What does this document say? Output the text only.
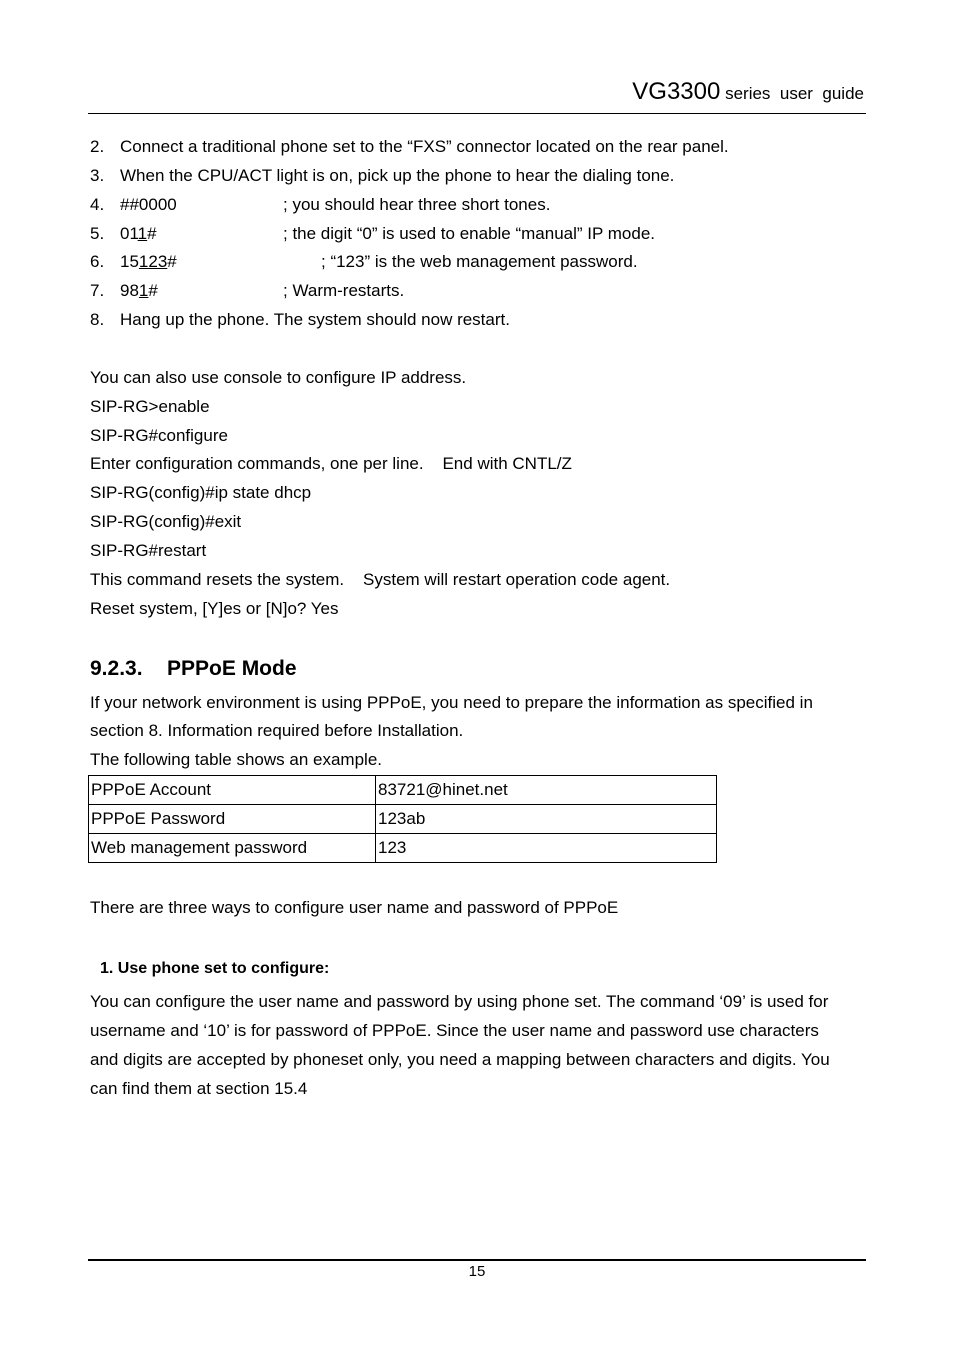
VG3300 series  user  guide
2. Connect a traditional phone set to the “FXS” connector located on the rear panel.
3. When the CPU/ACT light is on, pick up the phone to hear the dialing tone.
4. ##0000	; you should hear three short tones.
5. 011#	; the digit “0” is used to enable “manual” IP mode.
6. 15123#	; “123” is the web management password.
7. 981#	; Warm-restarts.
8. Hang up the phone. The system should now restart.
You can also use console to configure IP address.
SIP-RG>enable
SIP-RG#configure
Enter configuration commands, one per line.    End with CNTL/Z
SIP-RG(config)#ip state dhcp
SIP-RG(config)#exit
SIP-RG#restart
This command resets the system.    System will restart operation code agent.
Reset system, [Y]es or [N]o? Yes
9.2.3. PPPoE Mode
If your network environment is using PPPoE, you need to prepare the information as specified in
section 8. Information required before Installation.
The following table shows an example.
PPPoE Account	83721@hinet.net
PPPoE Password	123ab
Web management password	123
There are three ways to configure user name and password of PPPoE
1. Use phone set to configure:
You can configure the user name and password by using phone set. The command ‘09’ is used for
username and ‘10’ is for password of PPPoE. Since the user name and password use characters
and digits are accepted by phoneset only, you need a mapping between characters and digits. You
can find them at section 15.4
15
